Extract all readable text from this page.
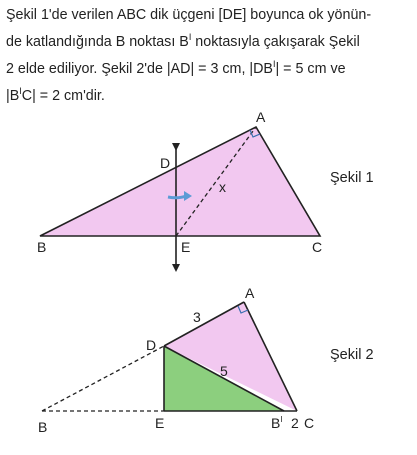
Şekil 1'de verilen ABC dik üçgeni [DE] boyunca ok yönün-
de katlandığında B noktası $B^I$ noktasıyla çakışarak Şekil
2 elde ediliyor. Şekil 2'de |AD| = 3 cm, $|DB^I| = 5$ cm ve
$|B^IC| = 2$ cm'dir.
A
B	C
D
E
x
Şekil 1
A
D
3
5
B	E	$B^I$ 2 C
Şekil 2
